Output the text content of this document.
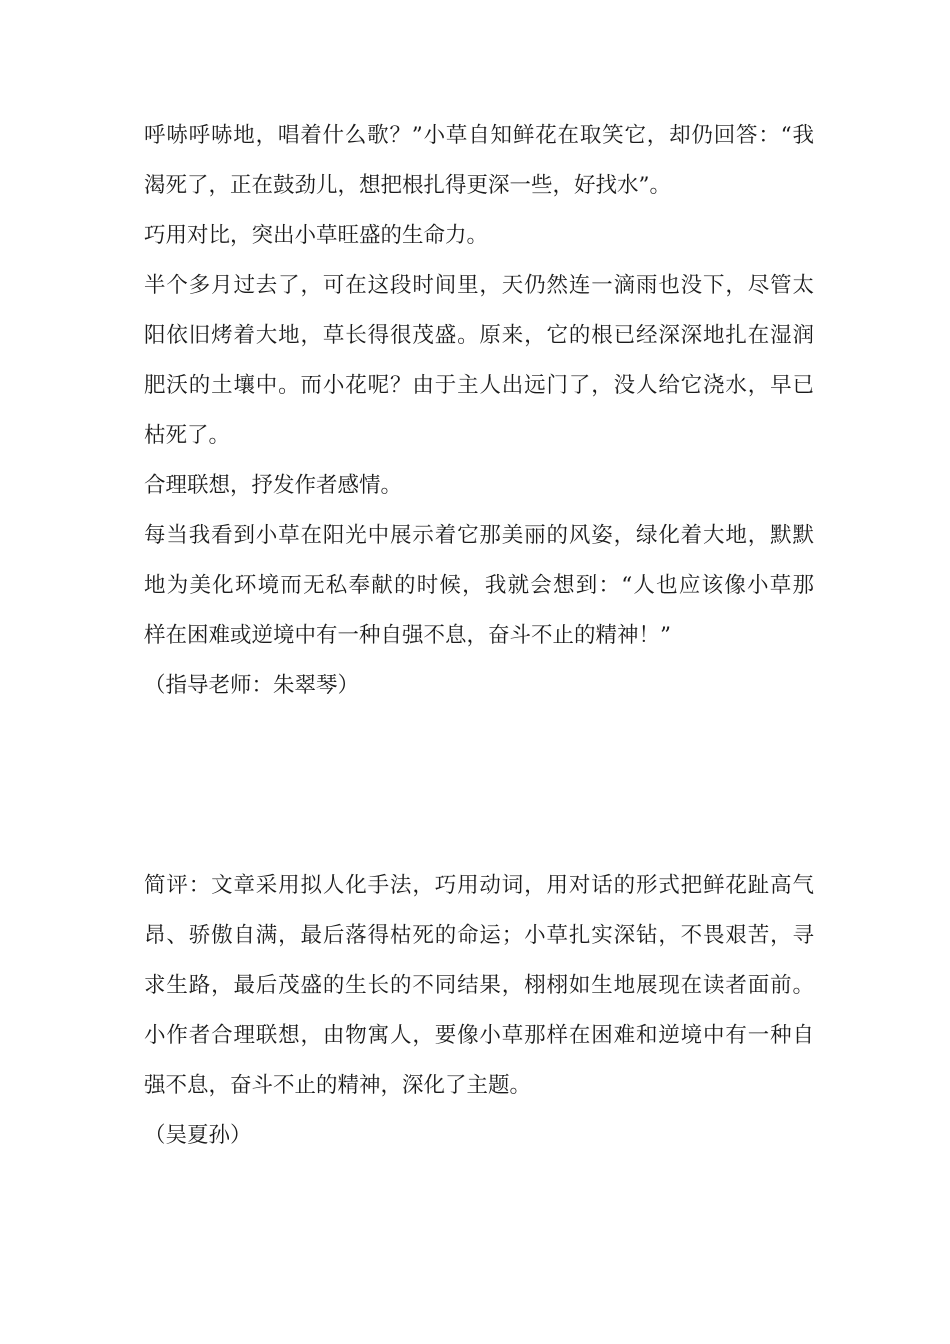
呼哧呼哧地，唱着什么歌？”小草自知鲜花在取笑它，却仍回答：“我
渴死了，正在鼓劲儿，想把根扎得更深一些，好找水”。
巧用对比，突出小草旺盛的生命力。
半个多月过去了，可在这段时间里，天仍然连一滴雨也没下，尽管太
阳依旧烤着大地，草长得很茂盛。原来，它的根已经深深地扎在湿润
肥沃的土壤中。而小花呢？由于主人出远门了，没人给它浇水，早已
枯死了。
合理联想，抒发作者感情。
每当我看到小草在阳光中展示着它那美丽的风姿，绿化着大地，默默
地为美化环境而无私奉献的时候，我就会想到：“人也应该像小草那
样在困难或逆境中有一种自强不息，奋斗不止的精神！”
（指导老师：朱翠琴）
简评：文章采用拟人化手法，巧用动词，用对话的形式把鲜花趾高气
昂、骄傲自满，最后落得枯死的命运；小草扎实深钻，不畏艰苦，寻
求生路，最后茂盛的生长的不同结果，栩栩如生地展现在读者面前。
小作者合理联想，由物寓人，要像小草那样在困难和逆境中有一种自
强不息，奋斗不止的精神，深化了主题。
（吴夏孙）
